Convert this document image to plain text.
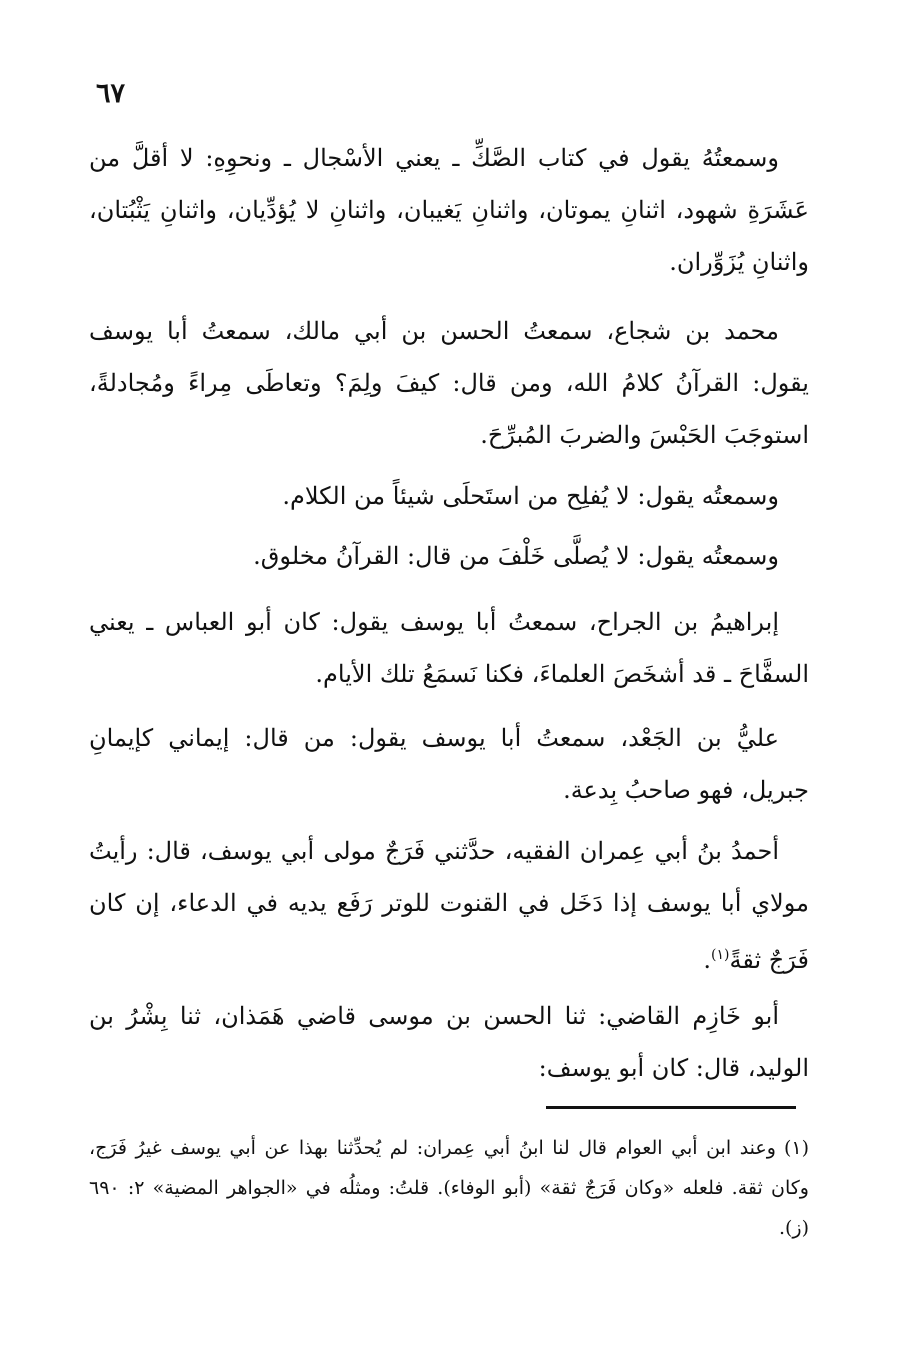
٦٧

وسمعتُهُ يقول في كتاب الصَّكِّ ـ يعني الأسْجال ـ ونحوِهِ: لا أقلَّ من عَشَرَةِ شهود، اثنانِ يموتان، واثنانِ يَغيبان، واثنانِ لا يُؤدِّيان، واثنانِ يَثْبُتان، واثنانِ يُزَوِّران.

محمد بن شجاع، سمعتُ الحسن بن أبي مالك، سمعتُ أبا يوسف يقول: القرآنُ كلامُ الله، ومن قال: كيفَ ولِمَ؟ وتعاطَى مِراءً ومُجادلةً، استوجَبَ الحَبْسَ والضربَ المُبرِّحَ.

وسمعتُه يقول: لا يُفلِح من استَحلَى شيئاً من الكلام.

وسمعتُه يقول: لا يُصلَّى خَلْفَ من قال: القرآنُ مخلوق.

إبراهيمُ بن الجراح، سمعتُ أبا يوسف يقول: كان أبو العباس ـ يعني السفَّاحَ ـ قد أشخَصَ العلماءَ، فكنا نَسمَعُ تلك الأيام.

عليُّ بن الجَعْد، سمعتُ أبا يوسف يقول: من قال: إيماني كإيمانِ جبريل، فهو صاحبُ بِدعة.

أحمدُ بنُ أبي عِمران الفقيه، حدَّثني فَرَجٌ مولى أبي يوسف، قال: رأيتُ مولاي أبا يوسف إذا دَخَل في القنوت للوتر رَفَع يديه في الدعاء، إن كان فَرَجٌ ثقةً$^{(١)}$.

أبو خَازِم القاضي: ثنا الحسن بن موسى قاضي هَمَذان، ثنا بِشْرُ بن الوليد، قال: كان أبو يوسف:

(١)وعند ابن أبي العوام قال لنا ابنُ أبي عِمران: لم يُحدِّثنا بهذا عن أبي يوسف غيرُ فَرَج، وكان ثقة. فلعله «وكان فَرَجٌ ثقة» (أبو الوفاء). قلتُ: ومثلُه في «الجواهر المضية» ٢: ٦٩٠ (ز).
